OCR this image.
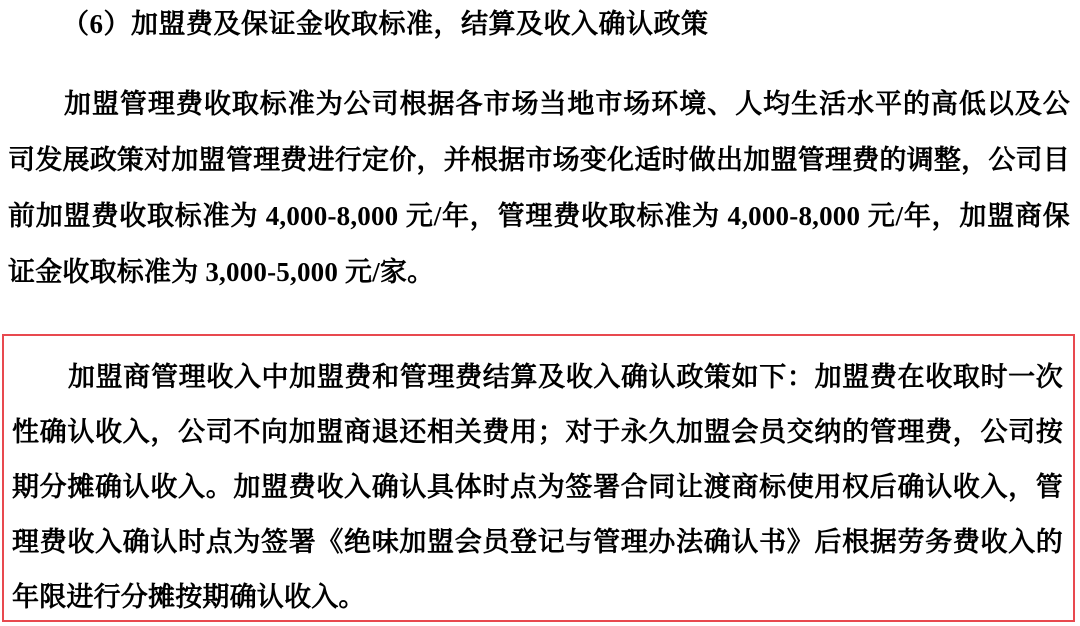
（6）加盟费及保证金收取标准，结算及收入确认政策

加盟管理费收取标准为公司根据各市场当地市场环境、人均生活水平的高低以及公司发展政策对加盟管理费进行定价，并根据市场变化适时做出加盟管理费的调整，公司目前加盟费收取标准为 4,000-8,000 元/年，管理费收取标准为 4,000-8,000 元/年，加盟商保证金收取标准为 3,000-5,000 元/家。

加盟商管理收入中加盟费和管理费结算及收入确认政策如下：加盟费在收取时一次性确认收入，公司不向加盟商退还相关费用；对于永久加盟会员交纳的管理费，公司按期分摊确认收入。加盟费收入确认具体时点为签署合同让渡商标使用权后确认收入，管理费收入确认时点为签署《绝味加盟会员登记与管理办法确认书》后根据劳务费收入的年限进行分摊按期确认收入。
